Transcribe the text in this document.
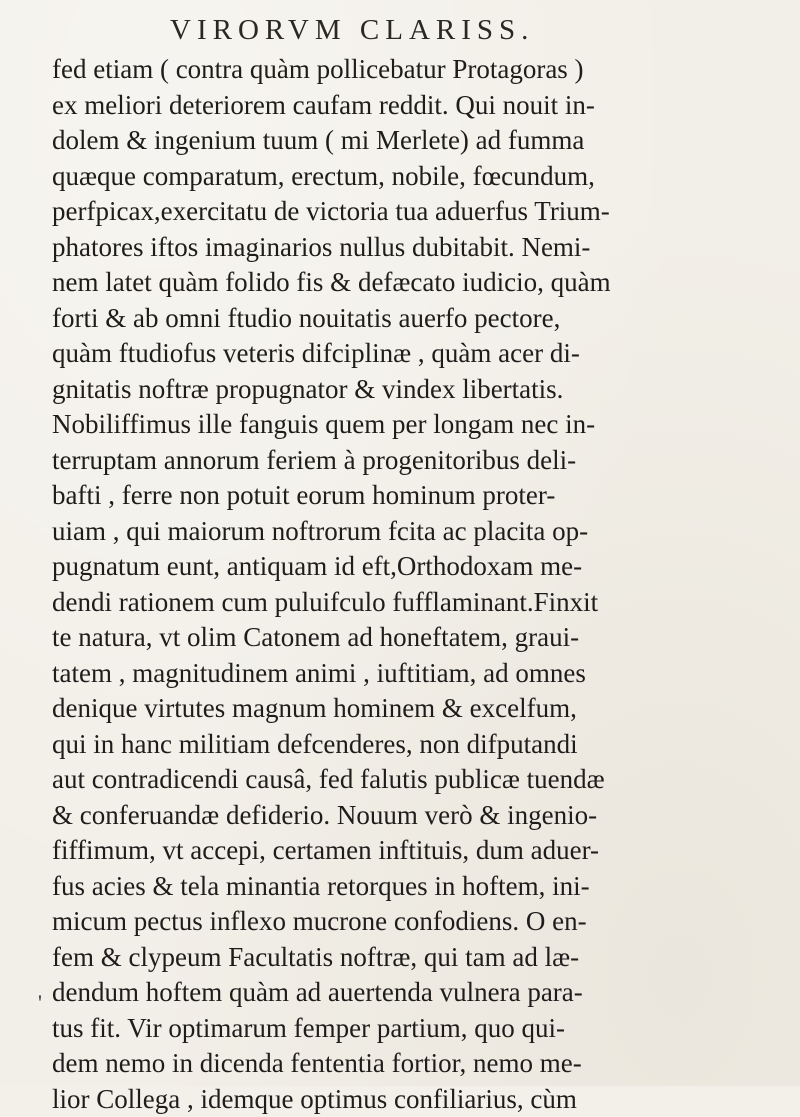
VIRORVM CLARISS.
fed etiam ( contra quàm pollicebatur Protagoras )
ex meliori deteriorem caufam reddit. Qui nouit in-
dolem & ingenium tuum ( mi Merlete) ad fumma
quæque comparatum, erectum, nobile, fœcundum,
perfpicax,exercitatu de victoria tua aduerfus Trium-
phatores iftos imaginarios nullus dubitabit. Nemi-
nem latet quàm folido fis & defæcato iudicio, quàm
forti & ab omni ftudio nouitatis auerfo pectore,
quàm ftudiofus veteris difciplinæ , quàm acer di-
gnitatis noftræ propugnator & vindex libertatis.
Nobiliffimus ille fanguis quem per longam nec in-
terruptam annorum feriem à progenitoribus deli-
bafti , ferre non potuit eorum hominum proter-
uiam , qui maiorum noftrorum fcita ac placita op-
pugnatum eunt, antiquam id eft,Orthodoxam me-
dendi rationem cum puluifculo fufflaminant.Finxit
te natura, vt olim Catonem ad honeftatem, graui-
tatem , magnitudinem animi , iuftitiam, ad omnes
denique virtutes magnum hominem & excelfum,
qui in hanc militiam defcenderes, non difputandi
aut contradicendi causâ, fed falutis publicæ tuendæ
& conferuandæ defiderio. Nouum verò & ingenio-
fiffimum, vt accepi, certamen inftituis, dum aduer-
fus acies & tela minantia retorques in hoftem, ini-
micum pectus inflexo mucrone confodiens. O en-
fem & clypeum Facultatis noftræ, qui tam ad læ-
dendum hoftem quàm ad auertenda vulnera para-
tus fit. Vir optimarum femper partium, quo qui-
dem nemo in dicenda fententia fortior, nemo me-
lior Collega , idemque optimus confiliarius, cùm
'
